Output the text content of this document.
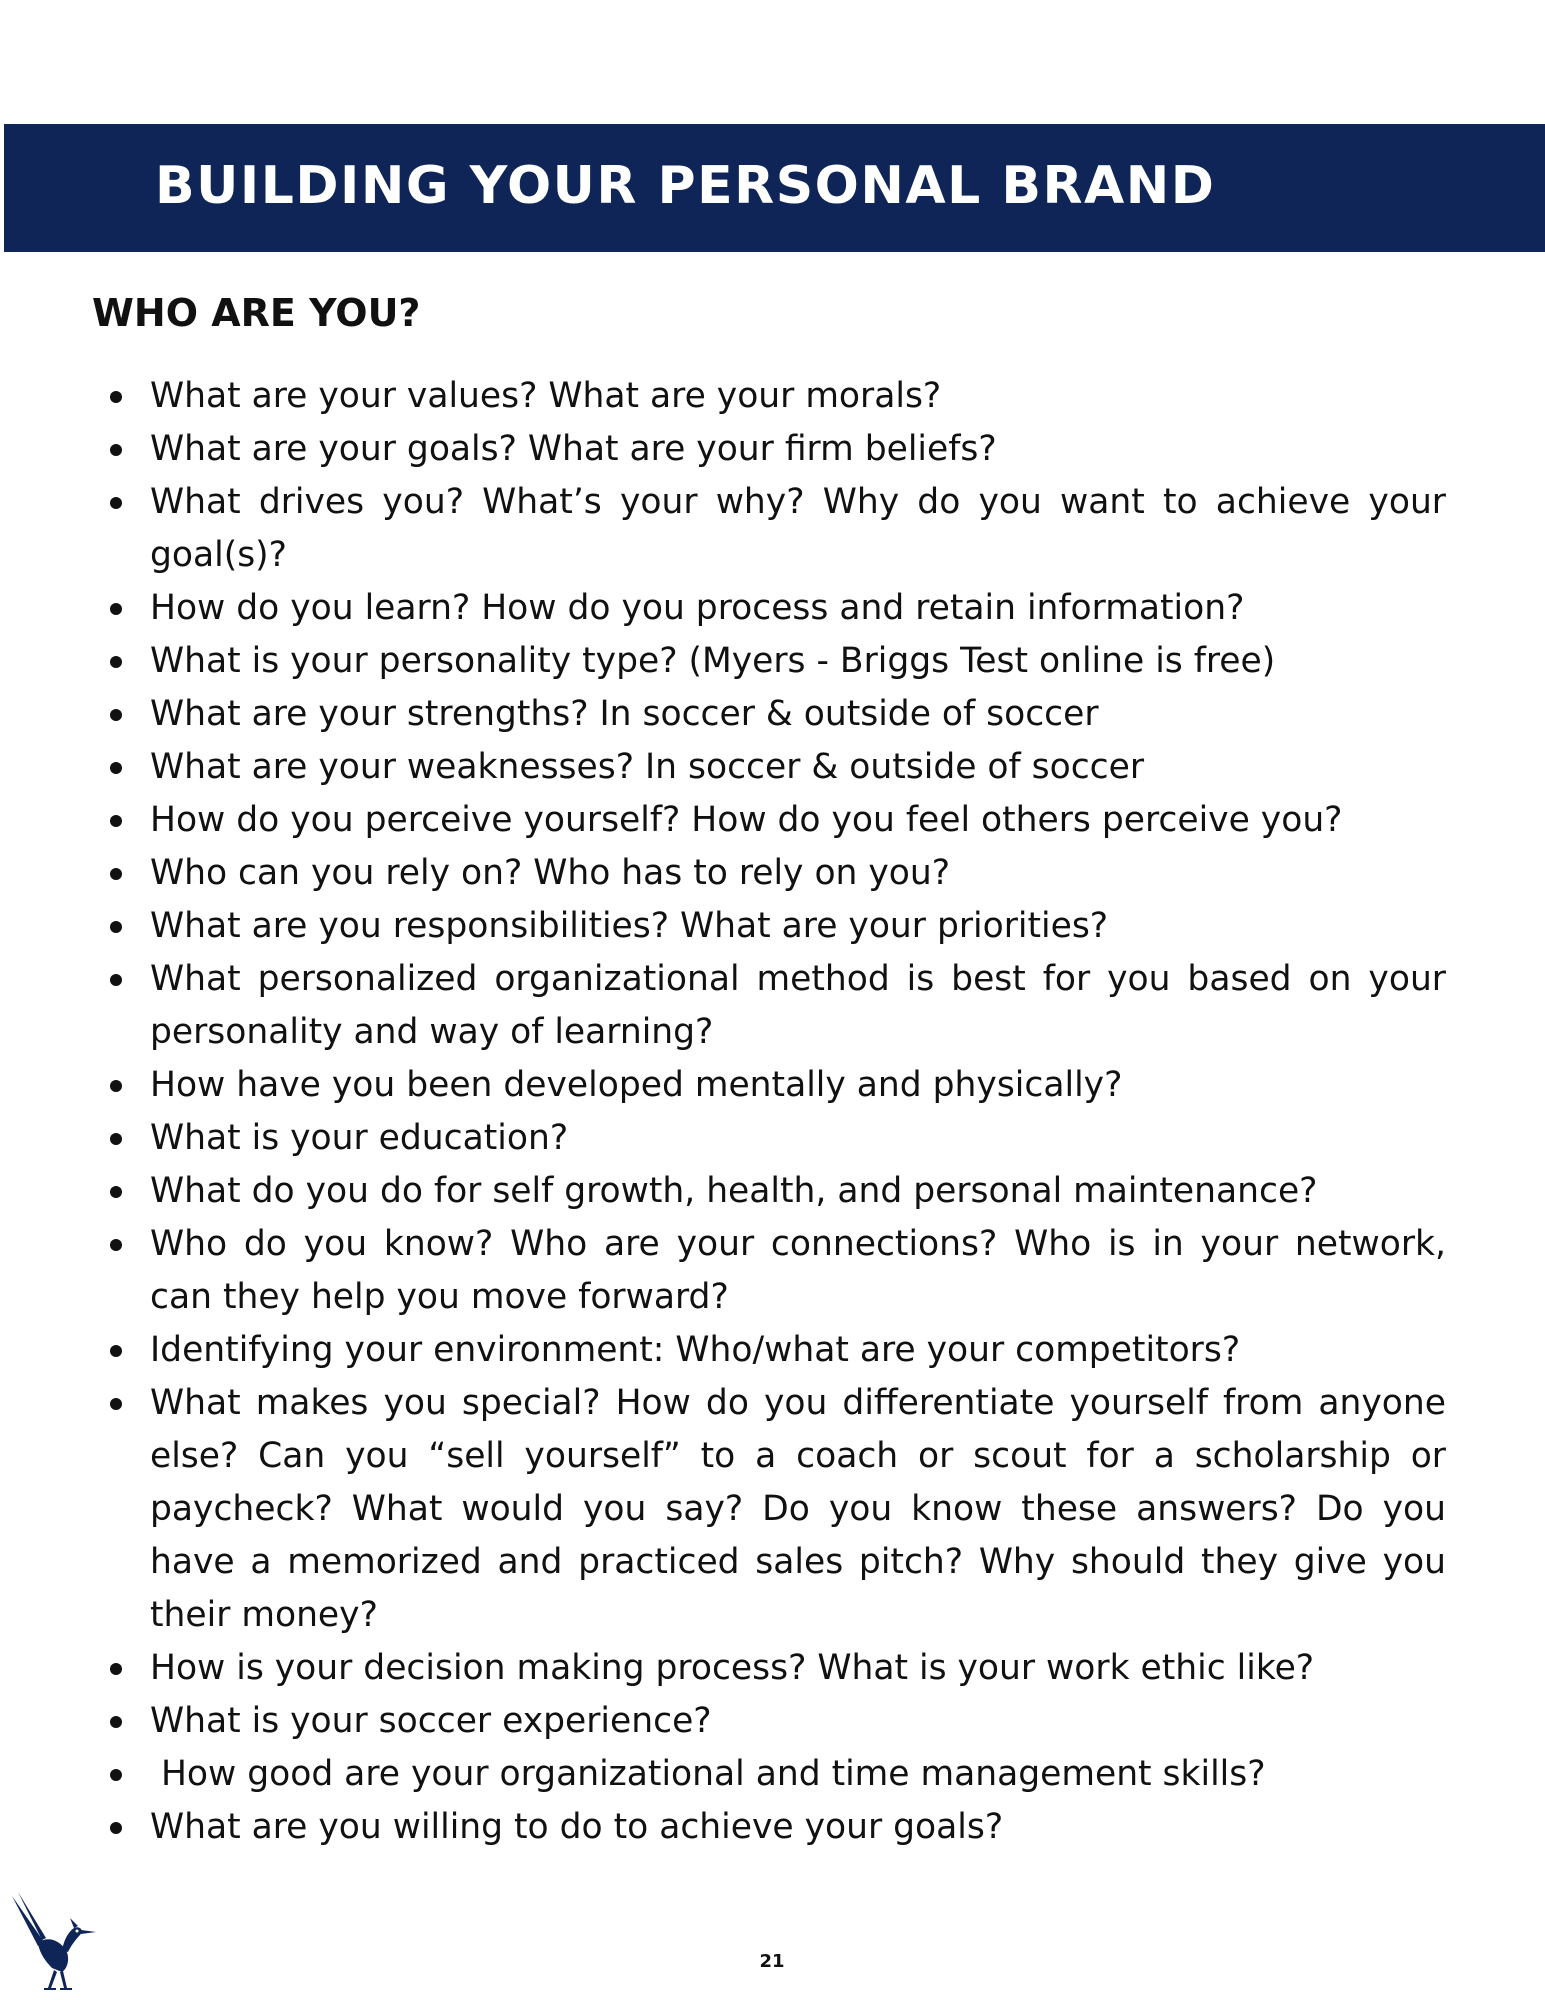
BUILDING YOUR PERSONAL BRAND
WHO ARE YOU?
What are your values? What are your morals?
What are your goals? What are your firm beliefs?
What drives you? What’s your why? Why do you want to achieve your goal(s)?
How do you learn? How do you process and retain information?
What is your personality type? (Myers - Briggs Test online is free)
What are your strengths? In soccer & outside of soccer
What are your weaknesses? In soccer & outside of soccer
How do you perceive yourself? How do you feel others perceive you?
Who can you rely on? Who has to rely on you?
What are you responsibilities? What are your priorities?
What personalized organizational method is best for you based on your personality and way of learning?
How have you been developed mentally and physically?
What is your education?
What do you do for self growth, health, and personal maintenance?
Who do you know? Who are your connections? Who is in your network, can they help you move forward?
Identifying your environment: Who/what are your competitors?
What makes you special? How do you differentiate yourself from anyone else? Can you “sell yourself” to a coach or scout for a scholarship or paycheck? What would you say? Do you know these answers? Do you have a memorized and practiced sales pitch? Why should they give you their money?
How is your decision making process? What is your work ethic like?
What is your soccer experience?
How good are your organizational and time management skills?
What are you willing to do to achieve your goals?
21
